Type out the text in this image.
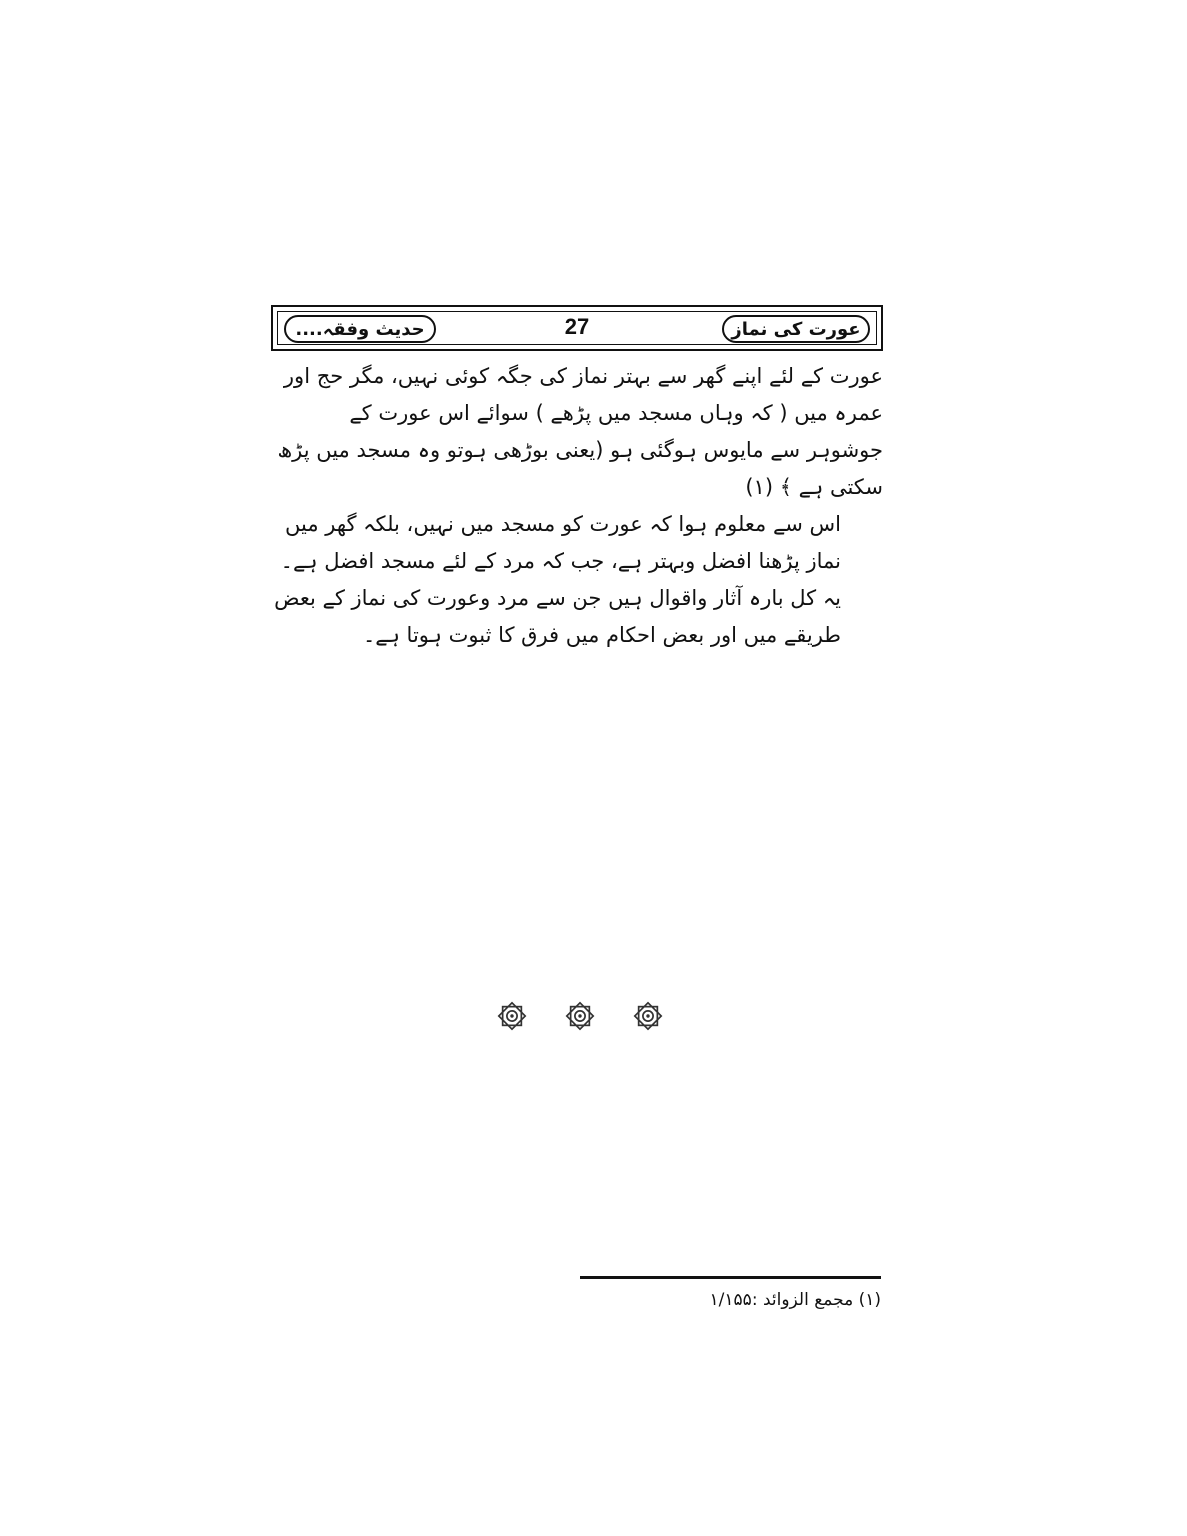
عورت کی نماز
27
حدیث وفقہ....

عورت کے لئے اپنے گھر سے بہتر نماز کی جگہ کوئی نہیں، مگر حج اور عمرہ میں ( کہ وہاں مسجد میں پڑھے ) سوائے اس عورت کے جوشوہر سے مایوس ہوگئی ہو (یعنی بوڑھی ہوتو وہ مسجد میں پڑھ سکتی ہے ﴾ (۱)

اس سے معلوم ہوا کہ عورت کو مسجد میں نہیں، بلکہ گھر میں نماز پڑھنا افضل وبہتر ہے، جب کہ مرد کے لئے مسجد افضل ہے۔

یہ کل بارہ آثار واقوال ہیں جن سے مرد وعورت کی نماز کے بعض طریقے میں اور بعض احکام میں فرق کا ثبوت ہوتا ہے۔

(۱) مجمع الزوائد :۱/۱۵۵
